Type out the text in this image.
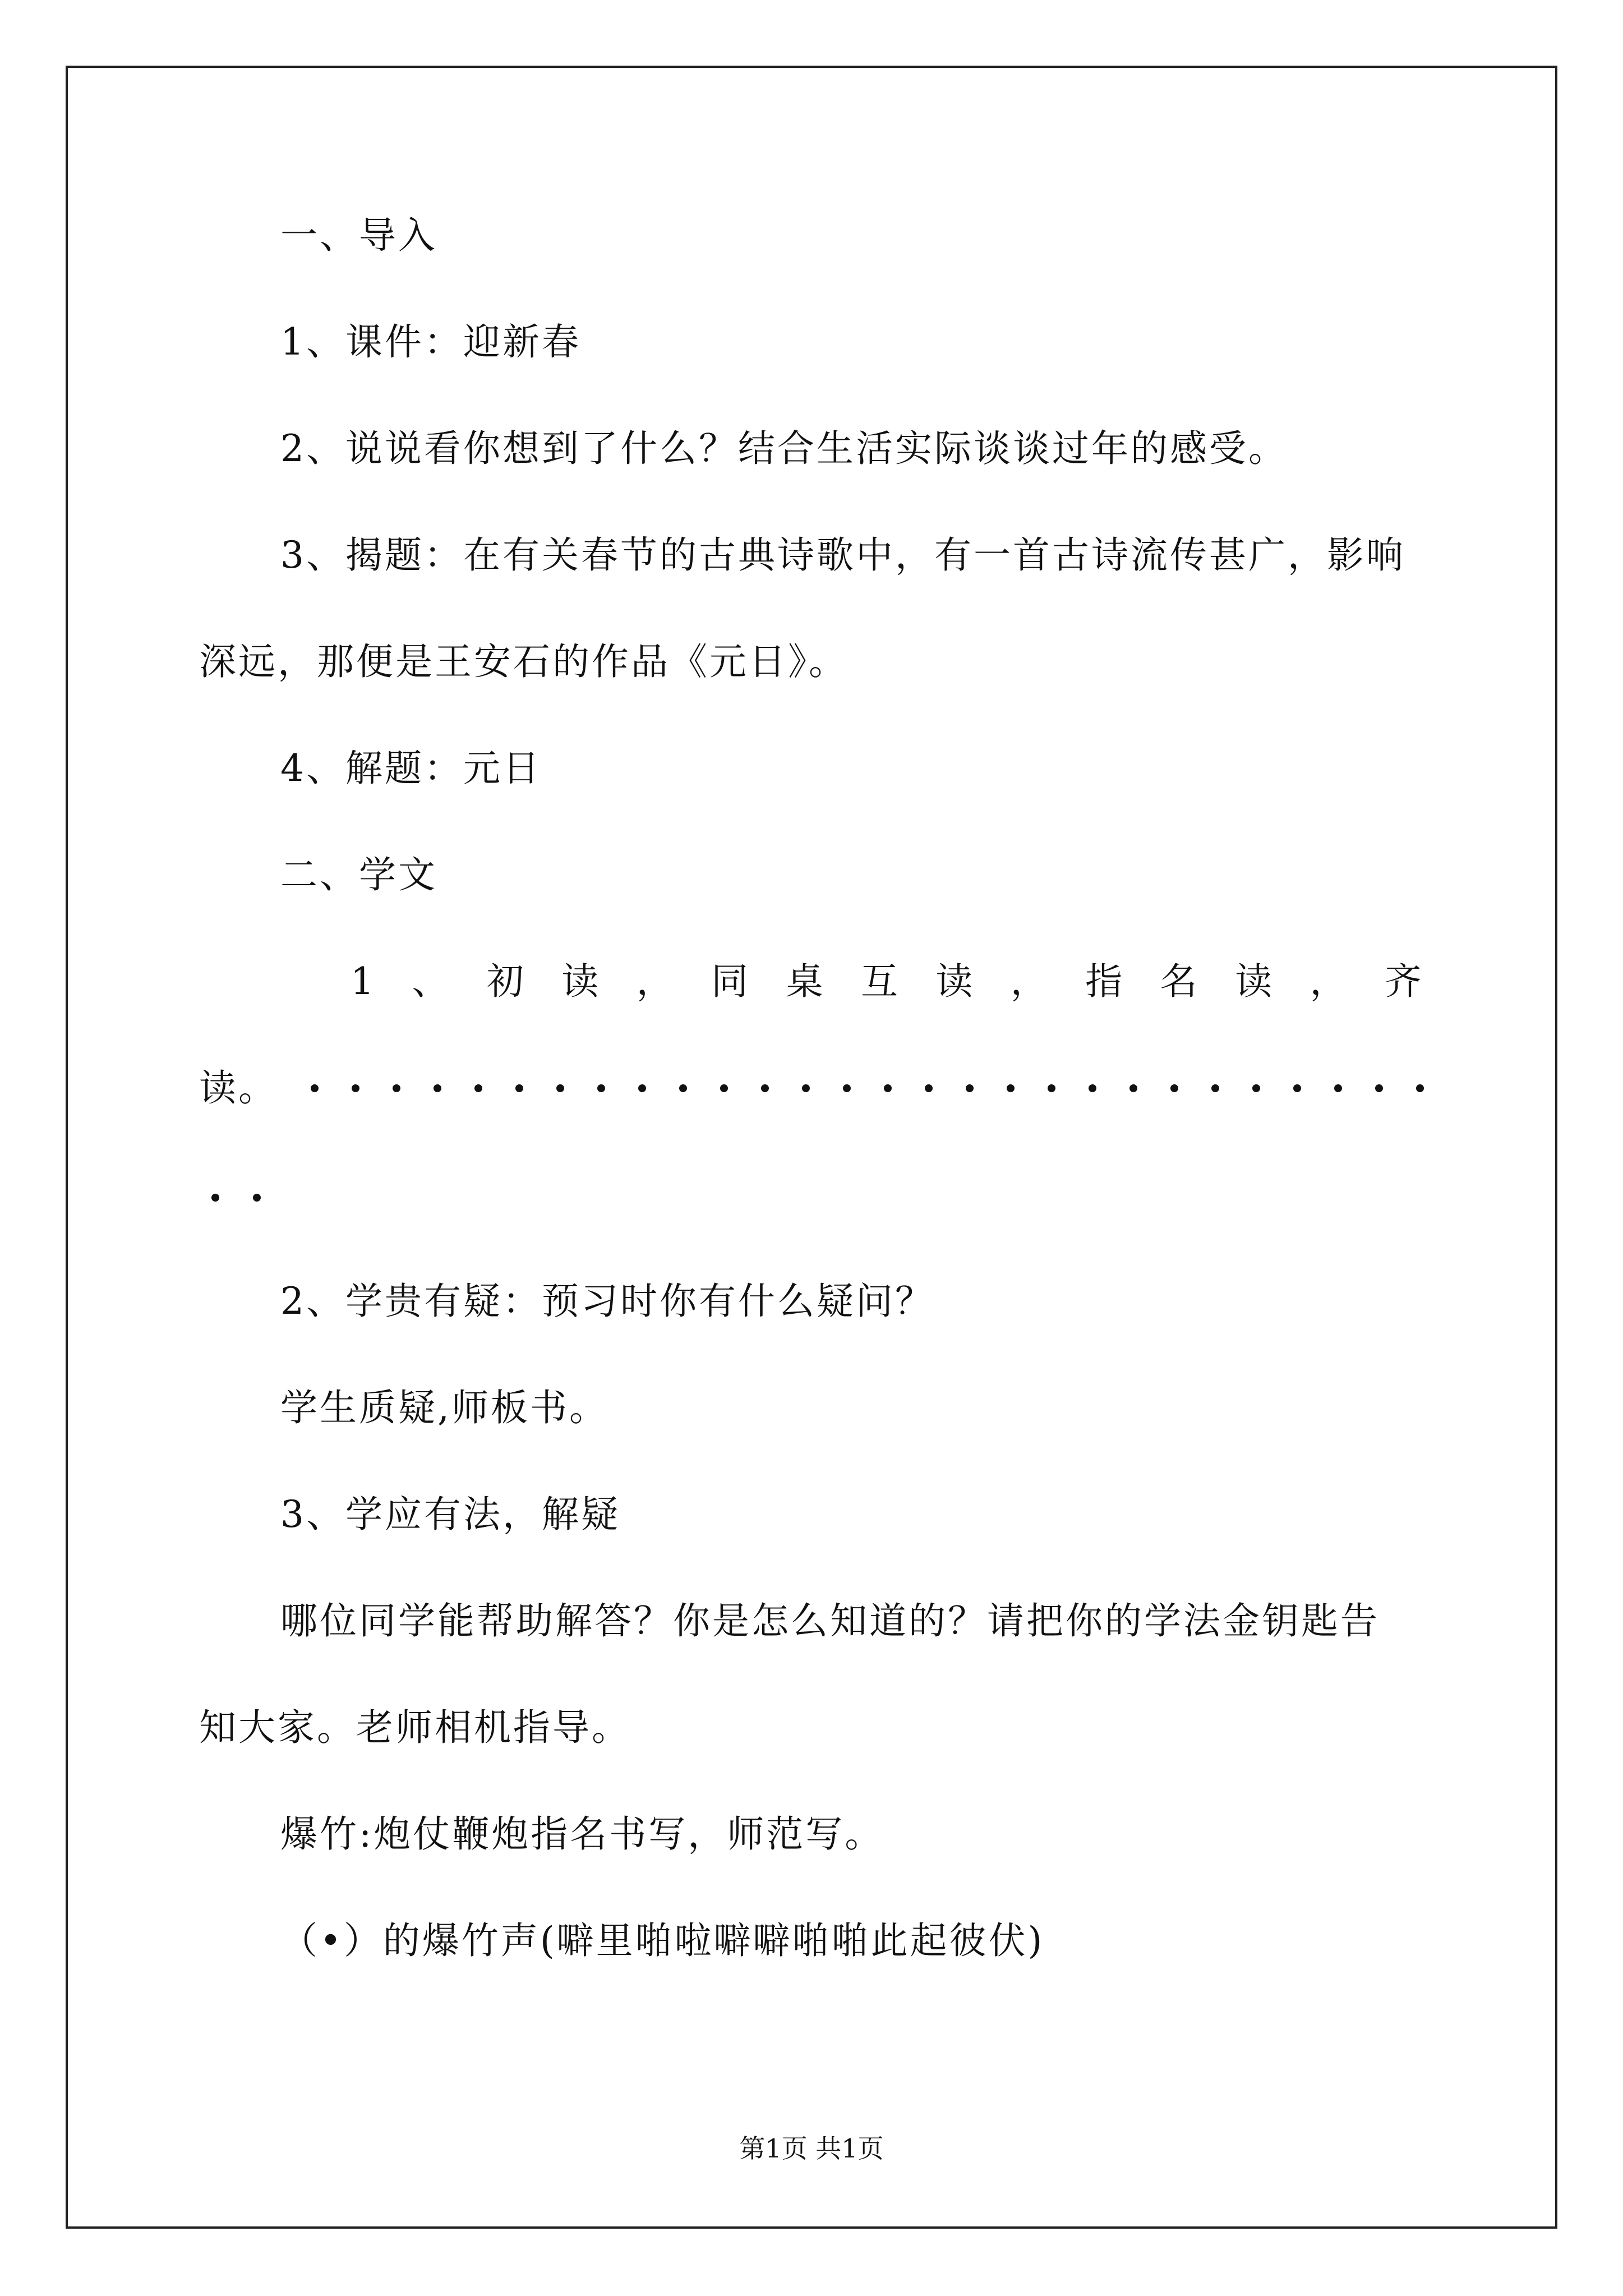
一、导入
1、课件：迎新春
2、说说看你想到了什么？结合生活实际谈谈过年的感受。
3、揭题：在有关春节的古典诗歌中，有一首古诗流传甚广，影响
深远，那便是王安石的作品《元日》。
4、解题：元日
二、学文
1 、 初 读 ， 同 桌 互 读 ， 指 名 读 ， 齐
读。
2、学贵有疑：预习时你有什么疑问？
学生质疑,师板书。
3、学应有法，解疑
哪位同学能帮助解答？你是怎么知道的？请把你的学法金钥匙告
知大家。老师相机指导。
爆竹:炮仗鞭炮指名书写，师范写。
（•）的爆竹声(噼里啪啦噼噼啪啪此起彼伏)
第1页 共1页
